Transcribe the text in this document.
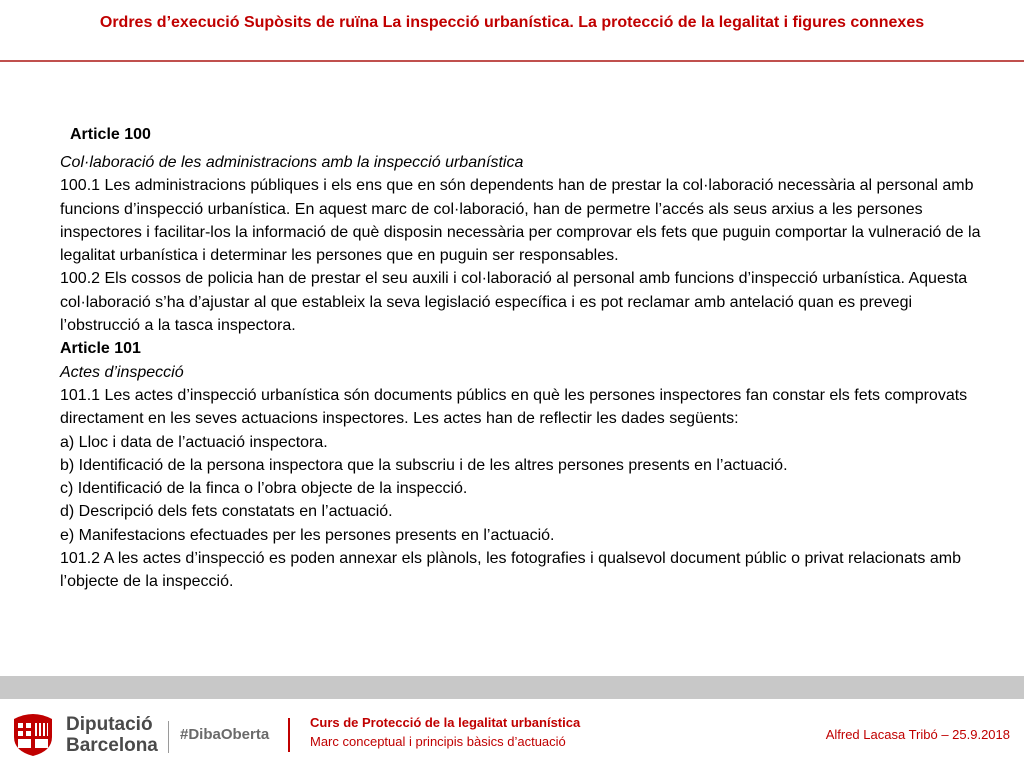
Ordres d’execució Supòsits de ruïna La inspecció urbanística. La protecció de la legalitat i figures connexes
Article 100
Col·laboració de les administracions amb la inspecció urbanística
100.1 Les administracions públiques i els ens que en són dependents han de prestar la col·laboració necessària al personal amb funcions d’inspecció urbanística. En aquest marc de col·laboració, han de permetre l’accés als seus arxius a les persones inspectores i facilitar-los la informació de què disposin necessària per comprovar els fets que puguin comportar la vulneració de la legalitat urbanística i determinar les persones que en puguin ser responsables.
100.2 Els cossos de policia han de prestar el seu auxili i col·laboració al personal amb funcions d’inspecció urbanística. Aquesta col·laboració s’ha d’ajustar al que estableix la seva legislació específica i es pot reclamar amb antelació quan es prevegi l’obstrucció a la tasca inspectora.
Article 101
Actes d’inspecció
101.1 Les actes d’inspecció urbanística són documents públics en què les persones inspectores fan constar els fets comprovats directament en les seves actuacions inspectores. Les actes han de reflectir les dades següents:
a) Lloc i data de l’actuació inspectora.
b) Identificació de la persona inspectora que la subscriu i de les altres persones presents en l’actuació.
c) Identificació de la finca o l’obra objecte de la inspecció.
d) Descripció dels fets constatats en l’actuació.
e) Manifestacions efectuades per les persones presents en l’actuació.
101.2 A les actes d’inspecció es poden annexar els plànols, les fotografies i qualsevol document públic o privat relacionats amb l’objecte de la inspecció.
Diputació
Barcelona
#DibaOberta
Curs de Protecció de la legalitat urbanística
Marc conceptual i principis bàsics d’actuació	Alfred Lacasa Tribó – 25.9.2018
